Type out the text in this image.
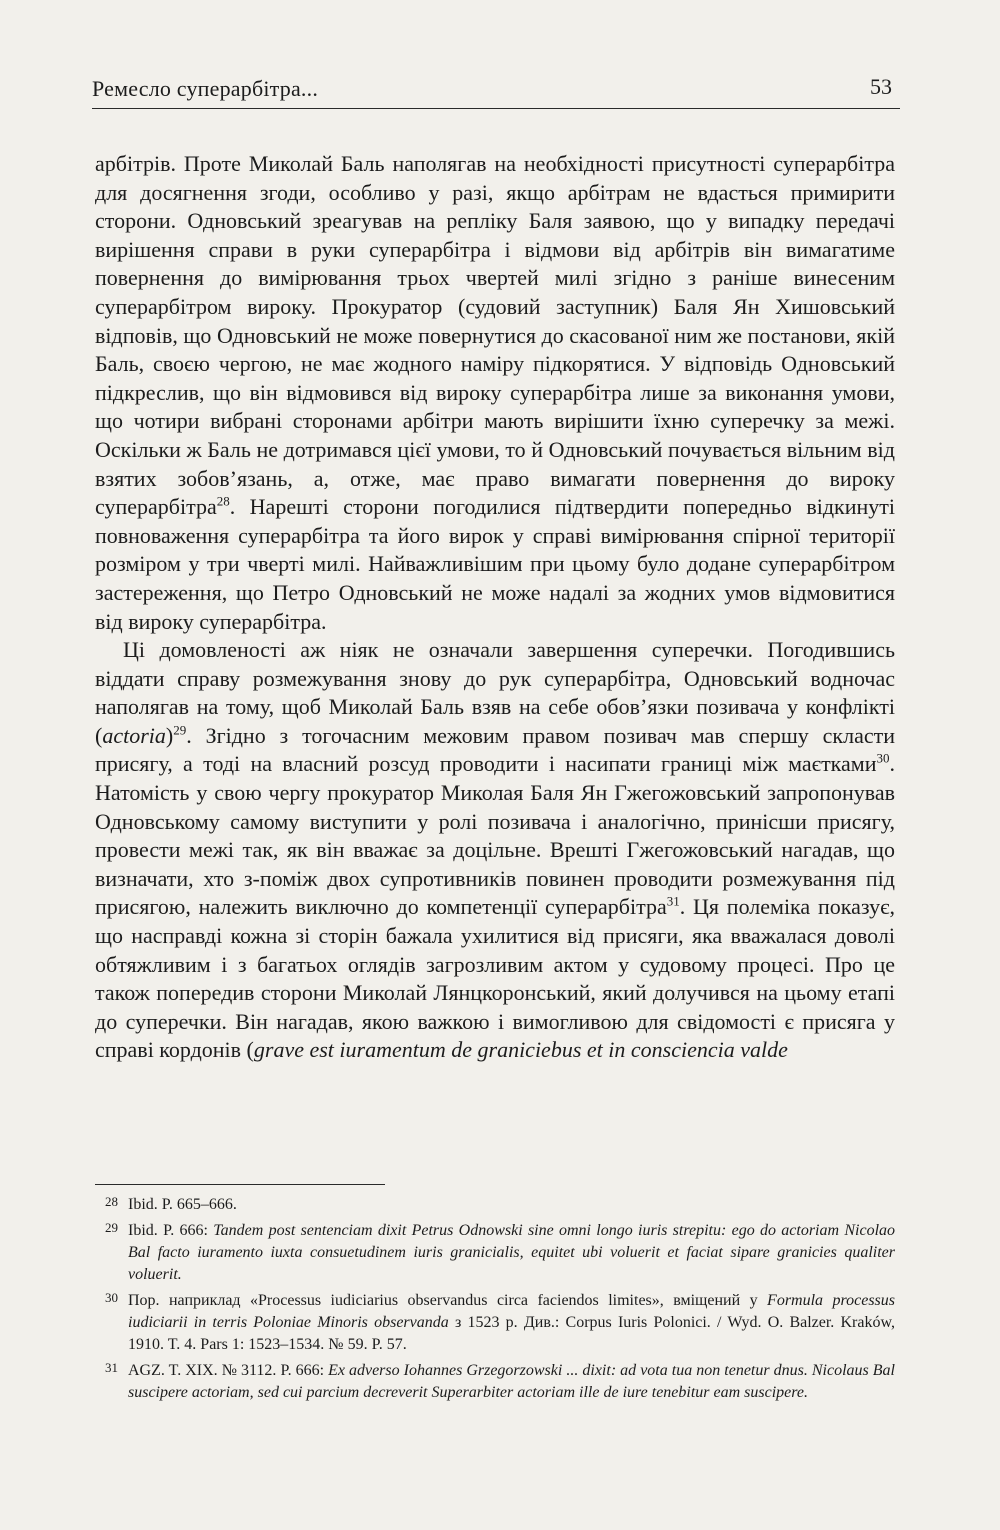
Ремесло суперарбітра...	53

арбітрів. Проте Миколай Баль наполягав на необхідності присутності суперарбітра для досягнення згоди, особливо у разі, якщо арбітрам не вдасться примирити сторони. Одновський зреагував на репліку Баля заявою, що у випадку передачі вирішення справи в руки суперарбітра і відмови від арбітрів він вимагатиме повернення до вимірювання трьох чвертей милі згідно з раніше винесеним суперарбітром вироку. Прокуратор (судовий заступник) Баля Ян Хишовський відповів, що Одновський не може повернутися до скасованої ним же постанови, якій Баль, своєю чергою, не має жодного наміру підкорятися. У відповідь Одновський підкреслив, що він відмовився від вироку суперарбітра лише за виконання умови, що чотири вибрані сторонами арбітри мають вирішити їхню суперечку за межі. Оскільки ж Баль не дотримався цієї умови, то й Одновський почувається вільним від взятих зобов’язань, а, отже, має право вимагати повернення до вироку суперарбітра$^{28}$. Нарешті сторони погодилися підтвердити попередньо відкинуті повноваження суперарбітра та його вирок у справі вимірювання спірної території розміром у три чверті милі. Найважливішим при цьому було додане суперарбітром застереження, що Петро Одновський не може надалі за жодних умов відмовитися від вироку суперарбітра.

Ці домовленості аж ніяк не означали завершення суперечки. Погодившись віддати справу розмежування знову до рук суперарбітра, Одновський водночас наполягав на тому, щоб Миколай Баль взяв на себе обов’язки позивача у конфлікті (actoria)$^{29}$. Згідно з тогочасним межовим правом позивач мав спершу скласти присягу, а тоді на власний розсуд проводити і насипати границі між маєтками$^{30}$. Натомість у свою чергу прокуратор Миколая Баля Ян Гжегожовський запропонував Одновському самому виступити у ролі позивача і аналогічно, принісши присягу, провести межі так, як він вважає за доцільне. Врешті Гжегожовський нагадав, що визначати, хто з-поміж двох супротивників повинен проводити розмежування під присягою, належить виключно до компетенції суперарбітра$^{31}$. Ця полеміка показує, що насправді кожна зі сторін бажала ухилитися від присяги, яка вважалася доволі обтяжливим і з багатьох оглядів загрозливим актом у судовому процесі. Про це також попередив сторони Миколай Лянцкоронський, який долучився на цьому етапі до суперечки. Він нагадав, якою важкою і вимогливою для свідомості є присяга у справі кордонів (grave est iuramentum de graniciebus et in consciencia valde

28 Ibid. P. 665–666.
29 Ibid. P. 666: Tandem post sentenciam dixit Petrus Odnowski sine omni longo iuris strepitu: ego do actoriam Nicolao Bal facto iuramento iuxta consuetudinem iuris granicialis, equitet ubi voluerit et faciat sipare granicies qualiter voluerit.
30 Пор. наприклад «Processus iudiciarius observandus circa faciendos limites», вміщений у Formula processus iudiciarii in terris Poloniae Minoris observanda з 1523 р. Див.: Corpus Iuris Polonici. / Wyd. O. Balzer. Kraków, 1910. T. 4. Pars 1: 1523–1534. № 59. P. 57.
31 AGZ. T. XIX. № 3112. P. 666: Ex adverso Iohannes Grzegorzowski ... dixit: ad vota tua non tenetur dnus. Nicolaus Bal suscipere actoriam, sed cui parcium decreverit Superarbiter actoriam ille de iure tenebitur eam suscipere.
